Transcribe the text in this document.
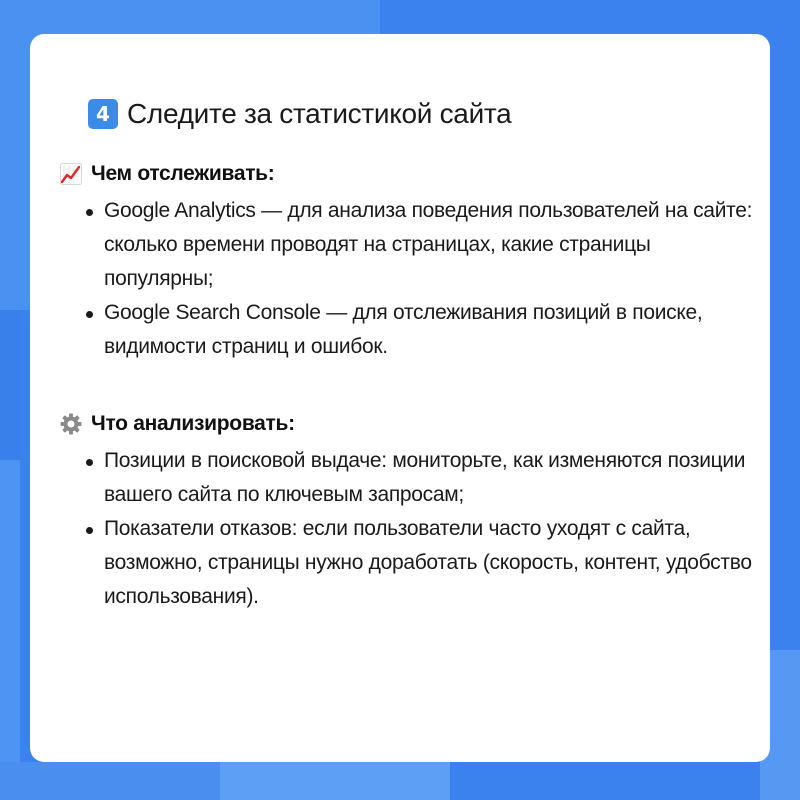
4 Следите за статистикой сайта
Чем отслеживать:
Google Analytics — для анализа поведения пользователей на сайте: сколько времени проводят на страницах, какие страницы популярны;
Google Search Console — для отслеживания позиций в поиске, видимости страниц и ошибок.
Что анализировать:
Позиции в поисковой выдаче: мониторьте, как изменяются позиции вашего сайта по ключевым запросам;
Показатели отказов: если пользователи часто уходят с сайта, возможно, страницы нужно доработать (скорость, контент, удобство использования).
